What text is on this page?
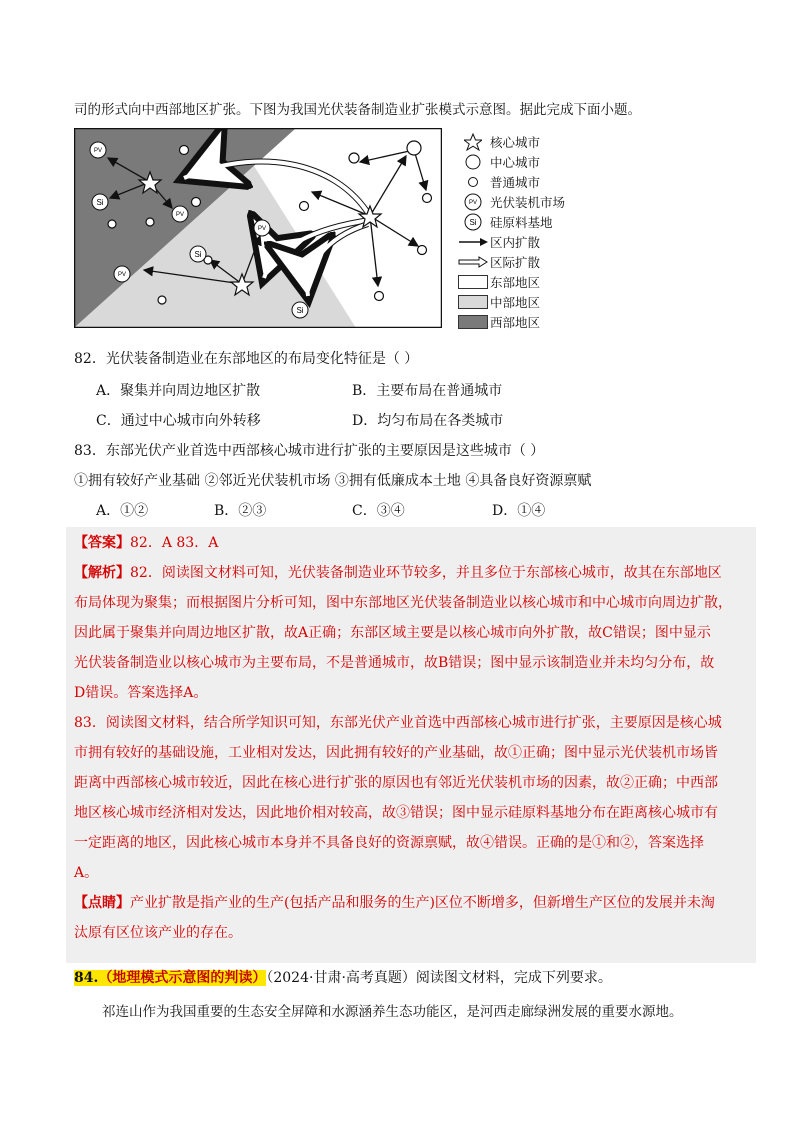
司的形式向中西部地区扩张。下图为我国光伏装备制造业扩张模式示意图。据此完成下面小题。
PV
PV
PV
PV
Si
Si
Si
核心城市
中心城市
普通城市
PV 光伏装机市场
Si 硅原料基地
区内扩散
区际扩散
东部地区
中部地区
西部地区
82．光伏装备制造业在东部地区的布局变化特征是（ ）
A．聚集并向周边地区扩散	B．主要布局在普通城市
C．通过中心城市向外转移	D．均匀布局在各类城市
83．东部光伏产业首选中西部核心城市进行扩张的主要原因是这些城市（ ）
①拥有较好产业基础 ②邻近光伏装机市场 ③拥有低廉成本土地 ④具备良好资源禀赋
A．①②	B．②③	C．③④	D．①④
【答案】82．A 83．A
【解析】82．阅读图文材料可知，光伏装备制造业环节较多，并且多位于东部核心城市，故其在东部地区
布局体现为聚集；而根据图片分析可知，图中东部地区光伏装备制造业以核心城市和中心城市向周边扩散，
因此属于聚集并向周边地区扩散，故A正确；东部区域主要是以核心城市向外扩散，故C错误；图中显示
光伏装备制造业以核心城市为主要布局，不是普通城市，故B错误；图中显示该制造业并未均匀分布，故
D错误。答案选择A。
83．阅读图文材料，结合所学知识可知，东部光伏产业首选中西部核心城市进行扩张，主要原因是核心城
市拥有较好的基础设施，工业相对发达，因此拥有较好的产业基础，故①正确；图中显示光伏装机市场皆
距离中西部核心城市较近，因此在核心进行扩张的原因也有邻近光伏装机市场的因素，故②正确；中西部
地区核心城市经济相对发达，因此地价相对较高，故③错误；图中显示硅原料基地分布在距离核心城市有
一定距离的地区，因此核心城市本身并不具备良好的资源禀赋，故④错误。正确的是①和②，答案选择
A。
【点睛】产业扩散是指产业的生产(包括产品和服务的生产)区位不断增多，但新增生产区位的发展并未淘
汰原有区位该产业的存在。
84.（地理模式示意图的判读）（2024·甘肃·高考真题）阅读图文材料，完成下列要求。
祁连山作为我国重要的生态安全屏障和水源涵养生态功能区，是河西走廊绿洲发展的重要水源地。
